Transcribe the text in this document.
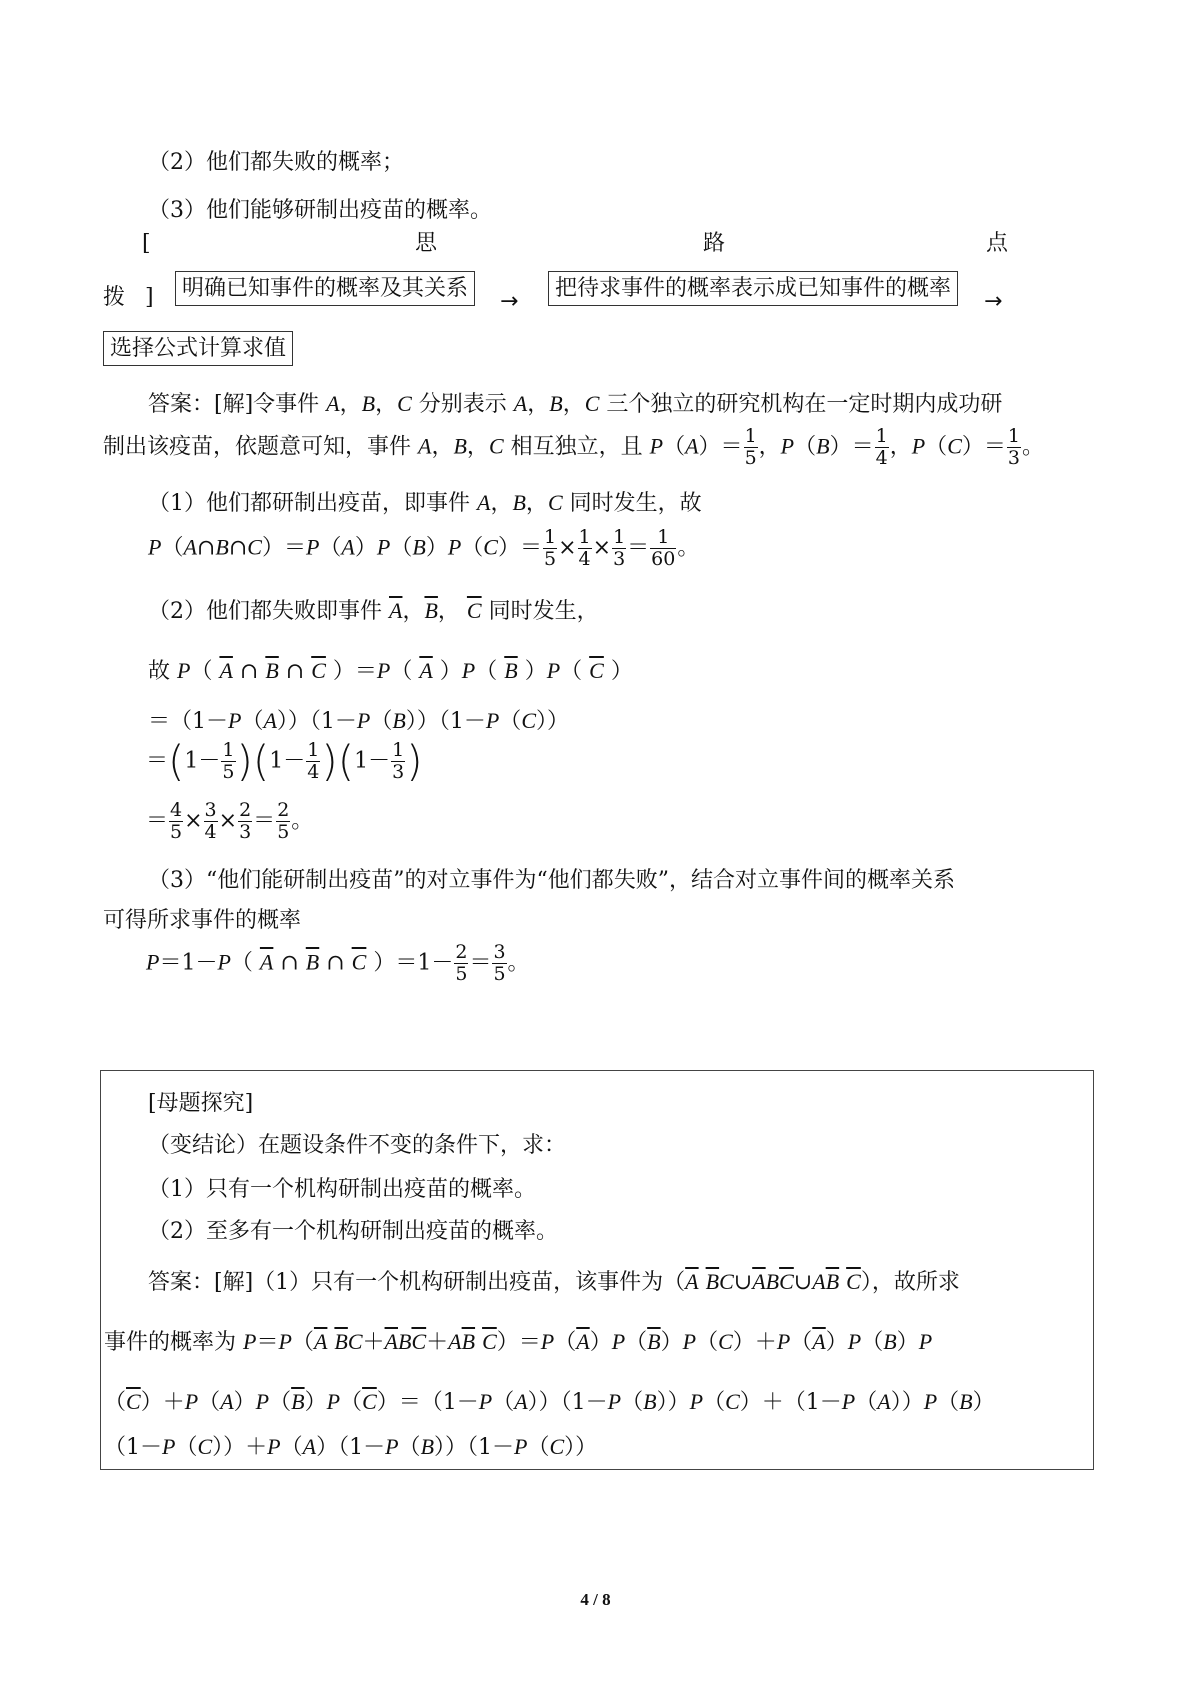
（2）他们都失败的概率；
（3）他们能够研制出疫苗的概率。
[	思	路	点
拨 ]	明确已知事件的概率及其关系
→
把待求事件的概率表示成已知事件的概率
→
选择公式计算求值
答案：[解]令事件 A，B，C 分别表示 A，B，C 三个独立的研究机构在一定时期内成功研
制出该疫苗，依题意可知，事件 A，B，C 相互独立，且 $P(A)= \frac{1}{5}$ ，$P(B)= \frac{1}{4}$ ，$P(C)= \frac{1}{3}$ 。
（1）他们都研制出疫苗，即事件 A，B，C 同时发生，故
P（A∩B∩C）＝P（A）P（B）P（C）＝ $\frac{1}{5} \times \frac{1}{4} \times \frac{1}{3} = \frac{1}{60}$ 。
（2）他们都失败即事件 $\overline{A}$，$\overline{B}$， $\overline{C}$ 同时发生，
故 P（ $\overline{A}$ ∩ $\overline{B}$ ∩ $\overline{C}$ ）＝P（ $\overline{A}$ ）P（ $\overline{B}$ ）P（ $\overline{C}$ ）
＝（1－P（A））（1－P（B））（1－P（C））
$=(1- \frac{1}{5} )(1- \frac{1}{4} )(1- \frac{1}{3}$ )
＝ $\frac{4}{5} \times \frac{3}{4} \times \frac{2}{3} = \frac{2}{5}$ 。
（3）“他们能研制出疫苗”的对立事件为“他们都失败”，结合对立事件间的概率关系
可得所求事件的概率
P＝1－P（ $\overline{A}$ ∩ $\overline{B}$ ∩ $\overline{C}$ ）$=1- \frac{2}{5} = \frac{3}{5}$ 。
[母题探究]
（变结论）在题设条件不变的条件下，求：
（1）只有一个机构研制出疫苗的概率。
（2）至多有一个机构研制出疫苗的概率。
答案：[解]（1）只有一个机构研制出疫苗，该事件为（$\overline{A}$ $\overline{B}C\cup\overline{A}B\overline{C}\cup A\overline{B}$ $\overline{C}$），故所求
事件的概率为 $P=P(\overline{A}$ $\overline{B}C+\overline{A}B\overline{C}+A\overline{B}$ $\overline{C})=P(\overline{A})P(\overline{B})P(C)+P(\overline{A})P(B)P$
$(\overline{C})+P(A)P(\overline{B})P(\overline{C})=(1-P(A))(1-P(B))P(C)+(1-P(A))P(B)$
（1－P（C））＋P（A）（1－P（B））（1－P（C））
4 / 8
